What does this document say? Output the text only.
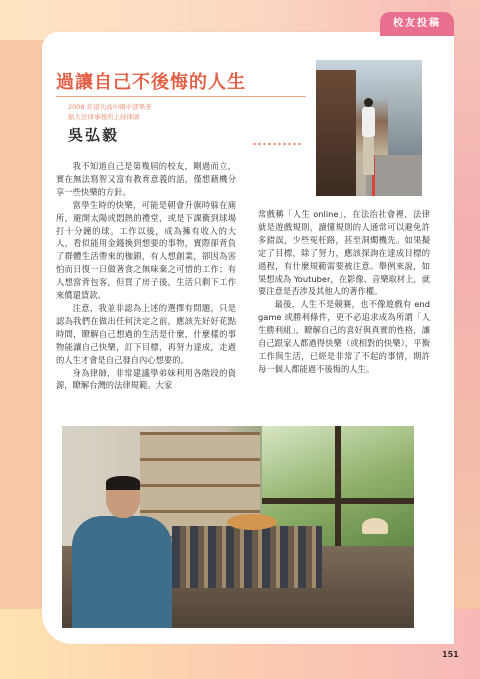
校友投稿
過讓自己不後悔的人生
2008 年建功高中國中部畢業
銘大法律事務所主持律師
吳弘毅

我不知道自己是第幾屆的校友，剛過而立，實在無法寫智又富有教育意義的話，僅想藉機分享一些快樂的方針。

當學生時的快樂，可能是朝會升旗時躲在廁所，避開太陽或悶熱的禮堂，或是下課衝到球場打十分鐘的球。工作以後，成為擁有收入的大人，看似能用金錢換到想要的事物，實際卻背負了群體生活帶來的枷鎖，有人想創業，卻因為害怕而日復一日做著食之無味棄之可惜的工作；有人想當背包客，但買了房子後，生活只剩下工作來償還貸款。

注意，我並非認為上述的選擇有問題，只是認為我們在做出任何決定之前，應該先好好花點時間，瞭解自己想過的生活是什麼，什麼樣的事物能讓自己快樂，訂下目標，再努力達成，走過的人生才會是自己發自內心想要的。

身為律師，非常建議學弟妹利用各階段的資源，瞭解台灣的法律規範。大家

常戲稱「人生 online」，在法治社會裡，法律就是遊戲規則，讀懂規則的人通常可以避免許多錯誤，少些冤枉路，甚至洞燭機先。如果擬定了目標，除了努力，應該探詢在達成目標的過程，有什麼規範需要被注意。舉例來說，如果想成為 Youtuber，在影像、音樂取材上，就要注意是否涉及其他人的著作權。

最後，人生不是競賽，也不像遊戲有 end game 或勝利條件，更不必追求成為所謂「人生勝利組」，瞭解自己的喜好與真實的性格，讓自己跟家人都過得快樂（或相對的快樂），平衡工作與生活，已經是非常了不起的事情，期許每一個人都能過不後悔的人生。

151
